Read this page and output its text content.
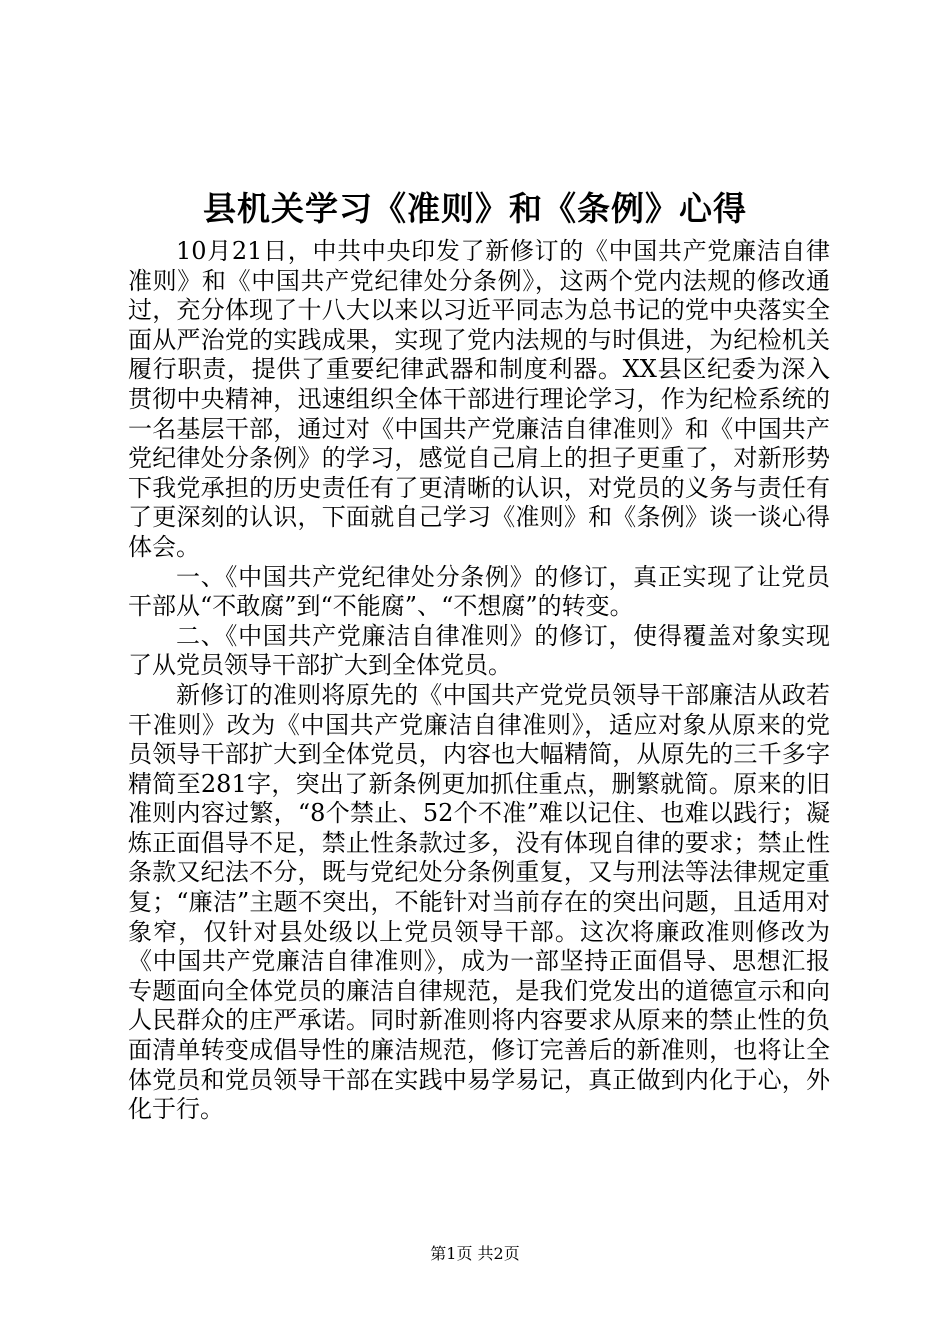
县机关学习《准则》和《条例》心得

10月21日，中共中央印发了新修订的《中国共产党廉洁自律准则》和《中国共产党纪律处分条例》，这两个党内法规的修改通过，充分体现了十八大以来以习近平同志为总书记的党中央落实全面从严治党的实践成果，实现了党内法规的与时俱进，为纪检机关履行职责，提供了重要纪律武器和制度利器。XX县区纪委为深入贯彻中央精神，迅速组织全体干部进行理论学习，作为纪检系统的一名基层干部，通过对《中国共产党廉洁自律准则》和《中国共产党纪律处分条例》的学习，感觉自己肩上的担子更重了，对新形势下我党承担的历史责任有了更清晰的认识，对党员的义务与责任有了更深刻的认识，下面就自己学习《准则》和《条例》谈一谈心得体会。

一、《中国共产党纪律处分条例》的修订，真正实现了让党员干部从“不敢腐”到“不能腐”、“不想腐”的转变。

二、《中国共产党廉洁自律准则》的修订，使得覆盖对象实现了从党员领导干部扩大到全体党员。

新修订的准则将原先的《中国共产党党员领导干部廉洁从政若干准则》改为《中国共产党廉洁自律准则》，适应对象从原来的党员领导干部扩大到全体党员，内容也大幅精简，从原先的三千多字精简至281字，突出了新条例更加抓住重点，删繁就简。原来的旧准则内容过繁，“8个禁止、52个不准”难以记住、也难以践行；凝炼正面倡导不足，禁止性条款过多，没有体现自律的要求；禁止性条款又纪法不分，既与党纪处分条例重复，又与刑法等法律规定重复；“廉洁”主题不突出，不能针对当前存在的突出问题，且适用对象窄，仅针对县处级以上党员领导干部。这次将廉政准则修改为《中国共产党廉洁自律准则》，成为一部坚持正面倡导、思想汇报专题面向全体党员的廉洁自律规范，是我们党发出的道德宣示和向人民群众的庄严承诺。同时新准则将内容要求从原来的禁止性的负面清单转变成倡导性的廉洁规范，修订完善后的新准则，也将让全体党员和党员领导干部在实践中易学易记，真正做到内化于心，外化于行。

第1页 共2页
